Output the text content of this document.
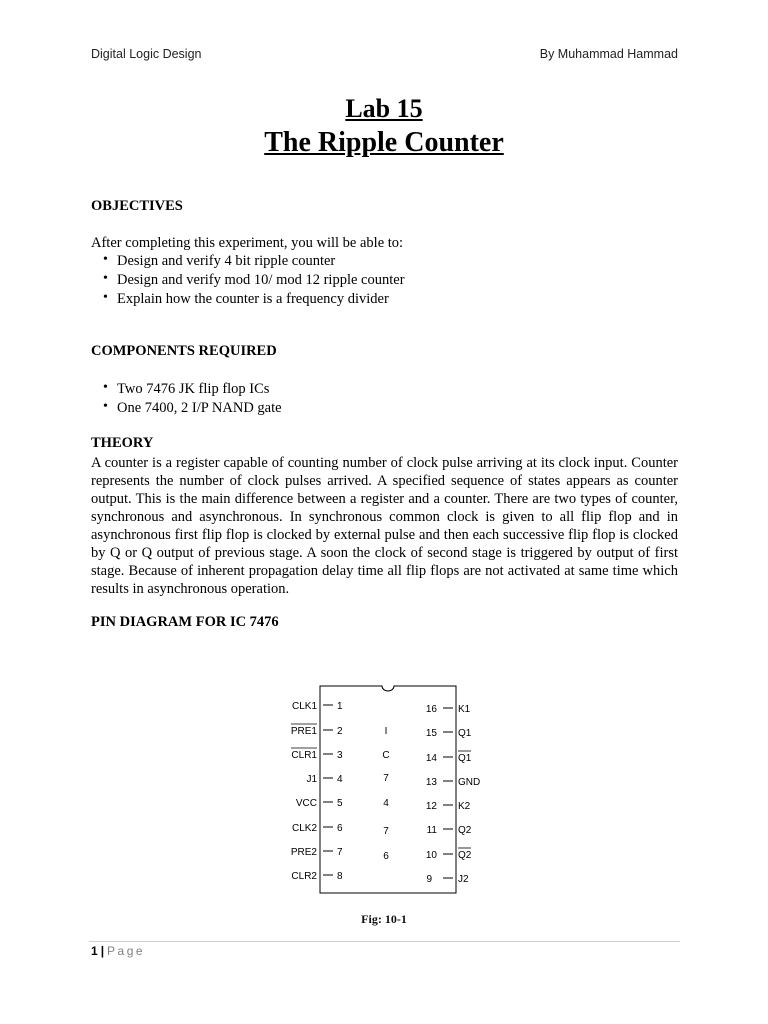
Digital Logic Design	By Muhammad Hammad
Lab 15
The Ripple Counter
OBJECTIVES
After completing this experiment, you will be able to:
• Design and verify 4 bit ripple counter
• Design and verify mod 10/ mod 12 ripple counter
• Explain how the counter is a frequency divider
COMPONENTS REQUIRED
• Two 7476 JK flip flop ICs
• One 7400, 2 I/P NAND gate
THEORY
A counter is a register capable of counting number of clock pulse arriving at its clock input. Counter represents the number of clock pulses arrived. A specified sequence of states appears as counter output. This is the main difference between a register and a counter. There are two types of counter, synchronous and asynchronous. In synchronous common clock is given to all flip flop and in asynchronous first flip flop is clocked by external pulse and then each successive flip flop is clocked by Q or Q output of previous stage. A soon the clock of second stage is triggered by output of first stage. Because of inherent propagation delay time all flip flops are not activated at same time which results in asynchronous operation.
PIN DIAGRAM FOR IC 7476
CLK1
PRE1
CLR1
J1
VCC
CLK2
PRE2
CLR2
1
2
3
4
5
6
7
8
I
C
7
4
7
6
16
15
14
13
12
11
10
9
K1
Q1
Q1
GND
K2
Q2
Q2
J2
Fig: 10-1
1 | Page
